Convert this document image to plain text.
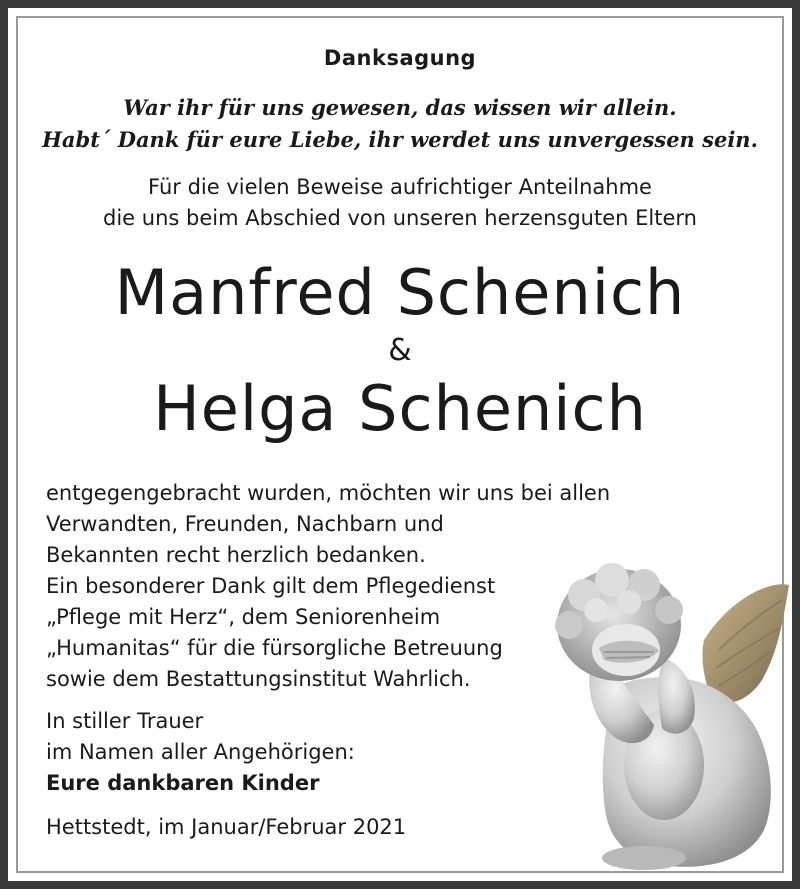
Danksagung
War ihr für uns gewesen, das wissen wir allein.
Habt´ Dank für eure Liebe, ihr werdet uns unvergessen sein.
Für die vielen Beweise aufrichtiger Anteilnahme
die uns beim Abschied von unseren herzensguten Eltern
Manfred Schenich
&
Helga Schenich
entgegengebracht wurden, möchten wir uns bei allen
Verwandten, Freunden, Nachbarn und
Bekannten recht herzlich bedanken.
Ein besonderer Dank gilt dem Pflegedienst
„Pflege mit Herz“, dem Seniorenheim
„Humanitas“ für die fürsorgliche Betreuung
sowie dem Bestattungsinstitut Wahrlich.
In stiller Trauer
im Namen aller Angehörigen:
Eure dankbaren Kinder
Hettstedt, im Januar/Februar 2021
